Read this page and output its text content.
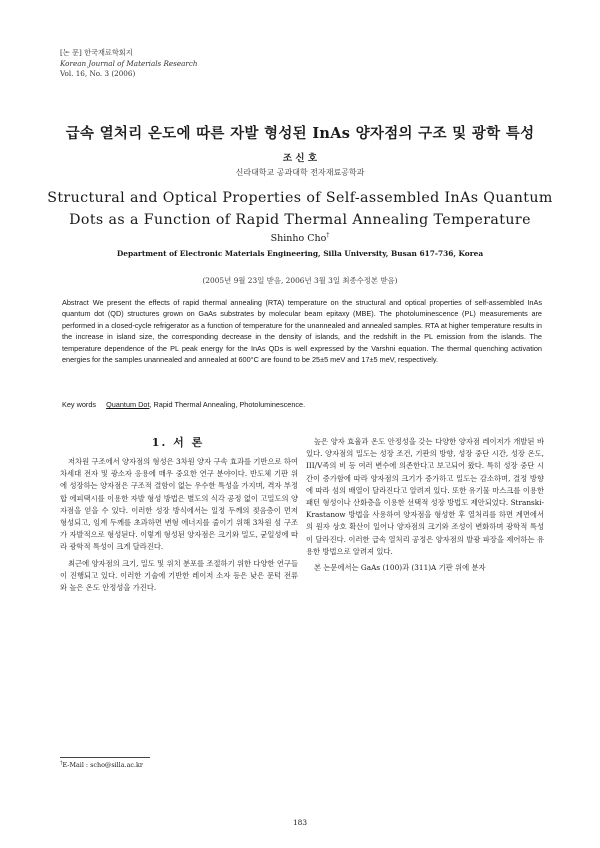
[논 문] 한국재료학회지
Korean Journal of Materials Research
Vol. 16, No. 3 (2006)
급속 열처리 온도에 따른 자발 형성된 InAs 양자점의 구조 및 광학 특성
조 신 호
신라대학교 공과대학 전자재료공학과
Structural and Optical Properties of Self-assembled InAs Quantum Dots as a Function of Rapid Thermal Annealing Temperature
Shinho Cho†
Department of Electronic Materials Engineering, Silla University, Busan 617-736, Korea
(2005년 9월 23일 받음, 2006년 3월 3일 최종수정본 받음)
Abstract We present the effects of rapid thermal annealing (RTA) temperature on the structural and optical properties of self-assembled InAs quantum dot (QD) structures grown on GaAs substrates by molecular beam epitaxy (MBE). The photoluminescence (PL) measurements are performed in a closed-cycle refrigerator as a function of temperature for the unannealed and annealed samples. RTA at higher temperature results in the increase in island size, the corresponding decrease in the density of islands, and the redshift in the PL emission from the islands. The temperature dependence of the PL peak energy for the InAs QDs is well expressed by the Varshni equation. The thermal quenching activation energies for the samples unannealed and annealed at 600°C are found to be 25±5 meV and 17±5 meV, respectively.
Key words Quantum Dot, Rapid Thermal Annealing, Photoluminescence.
1. 서 론

저차원 구조에서 양자점의 형성은 3차원 양자 구속 효과를 기반으로 하여 차세대 전자 및 광소자 응용에 매우 중요한 연구 분야이다. 반도체 기판 위에 성장하는 양자점은 구조적 결함이 없는 우수한 특성을 가지며, 격자 부정합 에피택시를 이용한 자발 형성 방법은 별도의 식각 공정 없이 고밀도의 양자점을 얻을 수 있다. 이러한 성장 방식에서는 일정 두께의 젖음층이 먼저 형성되고, 임계 두께를 초과하면 변형 에너지를 줄이기 위해 3차원 섬 구조가 자발적으로 형성된다. 이렇게 형성된 양자점은 크기와 밀도, 균일성에 따라 광학적 특성이 크게 달라진다.

최근에 양자점의 크기, 밀도 및 위치 분포를 조절하기 위한 다양한 연구들이 진행되고 있다. 이러한 기술에 기반한 레이저 소자 등은 낮은 문턱 전류와 높은 온도 안정성을 가진다.

높은 양자 효율과 온도 안정성을 갖는 다양한 양자점 레이저가 개발된 바 있다. 양자점의 밀도는 성장 조건, 기판의 방향, 성장 중단 시간, 성장 온도, III/V족의 비 등 여러 변수에 의존한다고 보고되어 왔다. 특히 성장 중단 시간이 증가함에 따라 양자점의 크기가 증가하고 밀도는 감소하며, 결정 방향에 따라 섬의 배열이 달라진다고 알려져 있다. 또한 유기물 마스크를 이용한 패턴 형성이나 산화층을 이용한 선택적 성장 방법도 제안되었다. Stranski-Krastanow 방법을 사용하여 양자점을 형성한 후 열처리를 하면 계면에서의 원자 상호 확산이 일어나 양자점의 크기와 조성이 변화하며 광학적 특성이 달라진다. 이러한 급속 열처리 공정은 양자점의 발광 파장을 제어하는 유용한 방법으로 알려져 있다.

본 논문에서는 GaAs (100)과 (311)A 기판 위에 분자

†E-Mail : scho@silla.ac.kr
183
